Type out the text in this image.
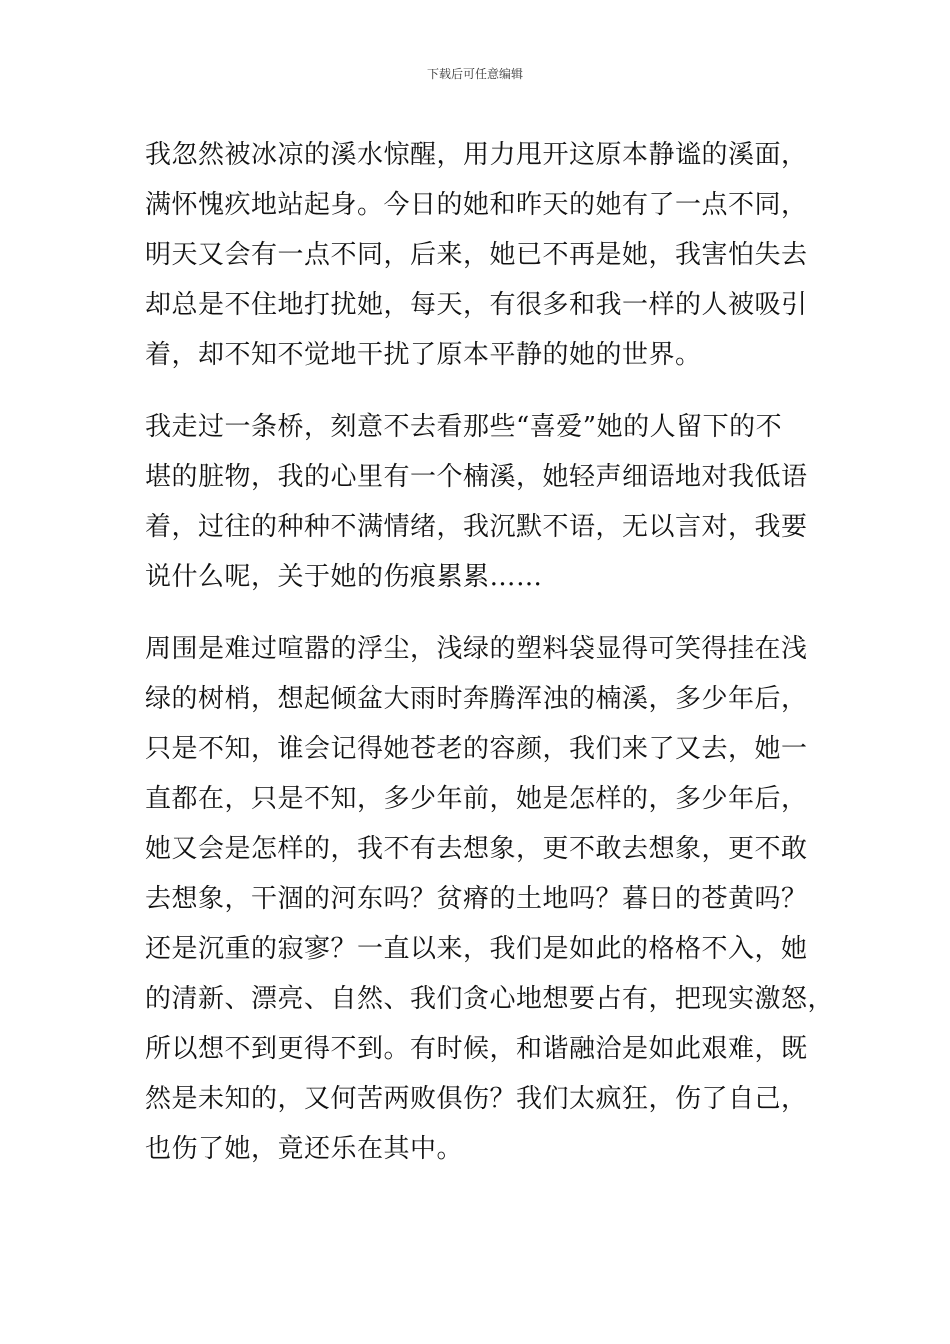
下载后可任意编辑
我忽然被冰凉的溪水惊醒，用力甩开这原本静谧的溪面，
满怀愧疚地站起身。今日的她和昨天的她有了一点不同，
明天又会有一点不同，后来，她已不再是她，我害怕失去
却总是不住地打扰她，每天，有很多和我一样的人被吸引
着，却不知不觉地干扰了原本平静的她的世界。
我走过一条桥，刻意不去看那些“喜爱”她的人留下的不
堪的脏物，我的心里有一个楠溪，她轻声细语地对我低语
着，过往的种种不满情绪，我沉默不语，无以言对，我要
说什么呢，关于她的伤痕累累……
周围是难过喧嚣的浮尘，浅绿的塑料袋显得可笑得挂在浅
绿的树梢，想起倾盆大雨时奔腾浑浊的楠溪，多少年后，
只是不知，谁会记得她苍老的容颜，我们来了又去，她一
直都在，只是不知，多少年前，她是怎样的，多少年后，
她又会是怎样的，我不有去想象，更不敢去想象，更不敢
去想象，干涸的河东吗？贫瘠的土地吗？暮日的苍黄吗？
还是沉重的寂寥？一直以来，我们是如此的格格不入，她
的清新、漂亮、自然、我们贪心地想要占有，把现实激怒，
所以想不到更得不到。有时候，和谐融洽是如此艰难，既
然是未知的，又何苦两败俱伤？我们太疯狂，伤了自己，
也伤了她，竟还乐在其中。
